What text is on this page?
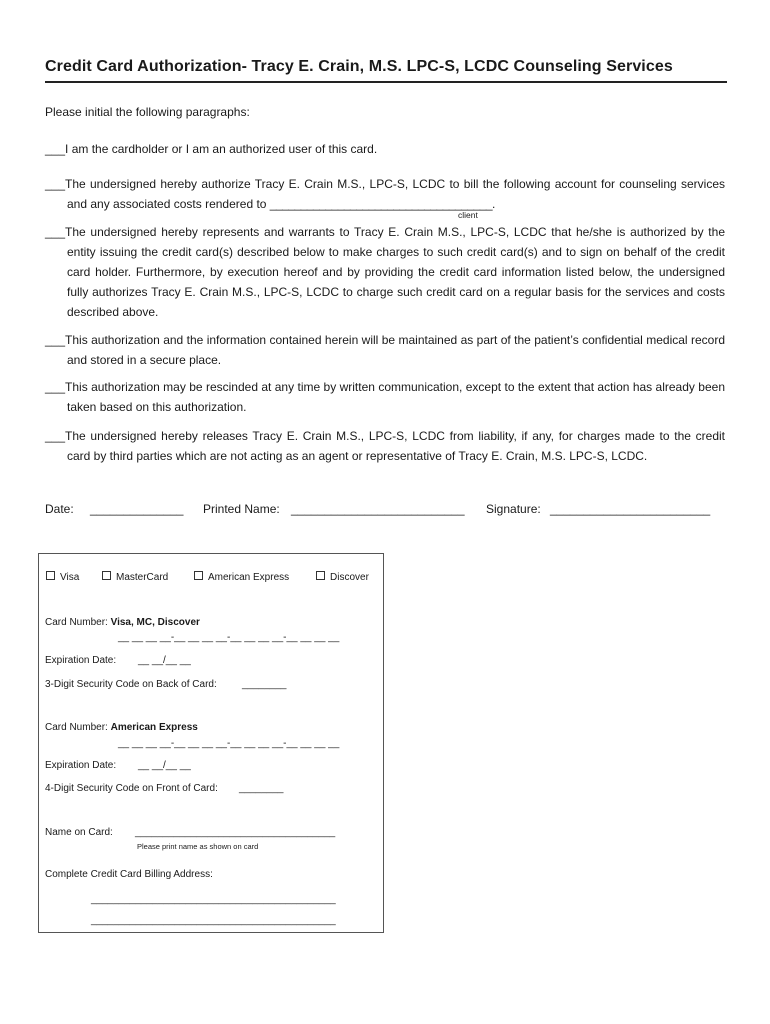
Credit Card Authorization- Tracy E. Crain, M.S. LPC-S, LCDC Counseling Services
Please initial the following paragraphs:
___I am the cardholder or I am an authorized user of this card.
___The undersigned hereby authorize Tracy E. Crain M.S., LPC-S, LCDC to bill the following account for counseling services and any associated costs rendered to ____________________________________.
client
___The undersigned hereby represents and warrants to Tracy E. Crain M.S., LPC-S, LCDC that he/she is authorized by the entity issuing the credit card(s) described below to make charges to such credit card(s) and to sign on behalf of the credit card holder. Furthermore, by execution hereof and by providing the credit card information listed below, the undersigned fully authorizes Tracy E. Crain M.S., LPC-S, LCDC to charge such credit card on a regular basis for the services and costs described above.
___This authorization and the information contained herein will be maintained as part of the patient’s confidential medical record and stored in a secure place.
___This authorization may be rescinded at any time by written communication, except to the extent that action has already been taken based on this authorization.
___The undersigned hereby releases Tracy E. Crain M.S., LPC-S, LCDC from liability, if any, for charges made to the credit card by third parties which are not acting as an agent or representative of Tracy E. Crain, M.S. LPC-S, LCDC.
Date: ______________ Printed Name: __________________________ Signature: ________________________
Visa	MasterCard	American Express	Discover
Card Number: Visa, MC, Discover
__ __ __ __-__ __ __ __-__ __ __ __-__ __ __ __
Expiration Date: __ __/__ __
3-Digit Security Code on Back of Card:	________
Card Number: American Express
__ __ __ __-__ __ __ __-__ __ __ __-__ __ __ __
Expiration Date: __ __/__ __
4-Digit Security Code on Front of Card: ________
Name on Card: ____________________________________
Please print name as shown on card
Complete Credit Card Billing Address:
____________________________________________
____________________________________________
